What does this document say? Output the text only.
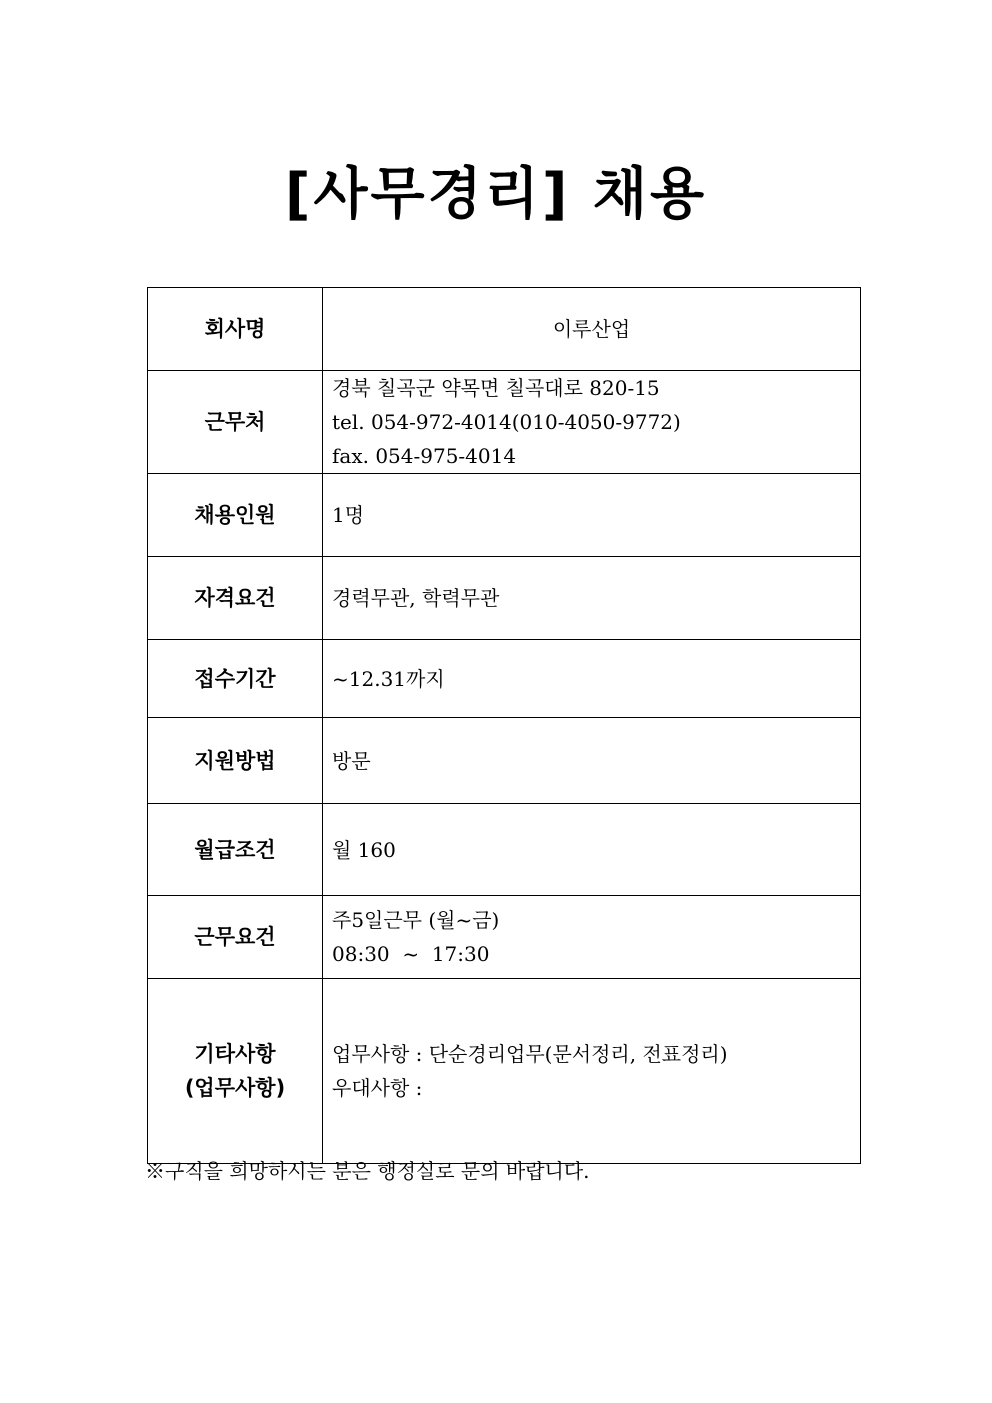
[사무경리] 채용
회사명	이루산업

근무처	경북 칠곡군 약목면 칠곡대로 820-15
tel. 054-972-4014(010-4050-9772)
fax. 054-975-4014

채용인원	1명

자격요건	경력무관, 학력무관

접수기간	~12.31까지

지원방법	방문

월급조건	월 160

근무요건	주5일근무 (월~금)
08:30  ~  17:30

기타사항
(업무사항)	업무사항 : 단순경리업무(문서정리, 전표정리)
우대사항 :

※구직을 희망하시는 분은 행정실로 문의 바랍니다.
